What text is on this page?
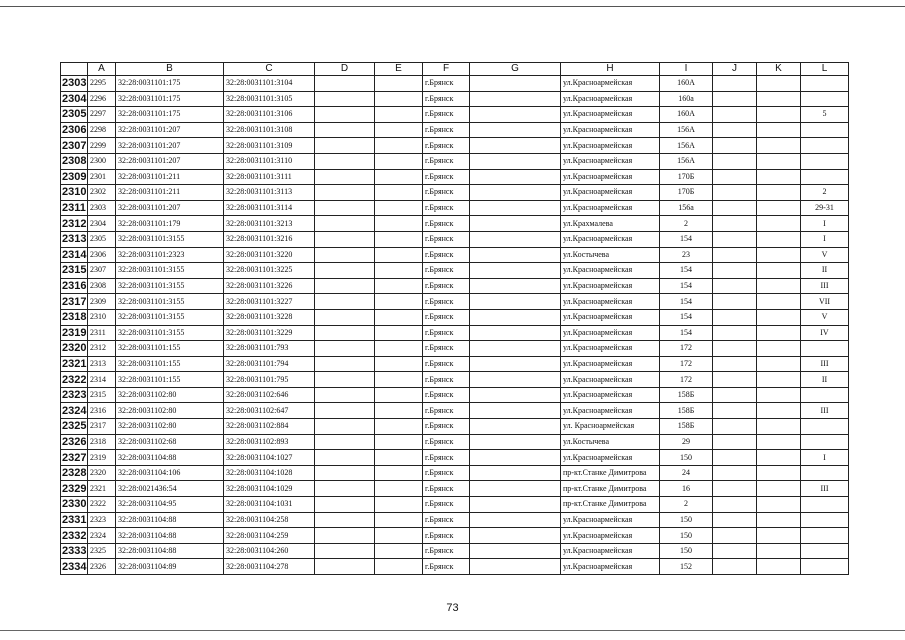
	A	B	C	D	E	F	G	H	I	J	K	L
2303	2295	32:28:0031101:175	32:28:0031101:3104			г.Брянск		ул.Красноармейская	160А			
2304	2296	32:28:0031101:175	32:28:0031101:3105			г.Брянск		ул.Красноармейская	160а			
2305	2297	32:28:0031101:175	32:28:0031101:3106			г.Брянск		ул.Красноармейская	160А			5
2306	2298	32:28:0031101:207	32:28:0031101:3108			г.Брянск		ул.Красноармейская	156А			
2307	2299	32:28:0031101:207	32:28:0031101:3109			г.Брянск		ул.Красноармейская	156А			
2308	2300	32:28:0031101:207	32:28:0031101:3110			г.Брянск		ул.Красноармейская	156А			
2309	2301	32:28:0031101:211	32:28:0031101:3111			г.Брянск		ул.Красноармейская	170Б			
2310	2302	32:28:0031101:211	32:28:0031101:3113			г.Брянск		ул.Красноармейская	170Б			2
2311	2303	32:28:0031101:207	32:28:0031101:3114			г.Брянск		ул.Красноармейская	156а			29-31
2312	2304	32:28:0031101:179	32:28:0031101:3213			г.Брянск		ул.Крахмалева	2			I
2313	2305	32:28:0031101:3155	32:28:0031101:3216			г.Брянск		ул.Красноармейская	154			I
2314	2306	32:28:0031101:2323	32:28:0031101:3220			г.Брянск		ул.Костычева	23			V
2315	2307	32:28:0031101:3155	32:28:0031101:3225			г.Брянск		ул.Красноармейская	154			II
2316	2308	32:28:0031101:3155	32:28:0031101:3226			г.Брянск		ул.Красноармейская	154			III
2317	2309	32:28:0031101:3155	32:28:0031101:3227			г.Брянск		ул.Красноармейская	154			VII
2318	2310	32:28:0031101:3155	32:28:0031101:3228			г.Брянск		ул.Красноармейская	154			V
2319	2311	32:28:0031101:3155	32:28:0031101:3229			г.Брянск		ул.Красноармейская	154			IV
2320	2312	32:28:0031101:155	32:28:0031101:793			г.Брянск		ул.Красноармейская	172			
2321	2313	32:28:0031101:155	32:28:0031101:794			г.Брянск		ул.Красноармейская	172			III
2322	2314	32:28:0031101:155	32:28:0031101:795			г.Брянск		ул.Красноармейская	172			II
2323	2315	32:28:0031102:80	32:28:0031102:646			г.Брянск		ул.Красноармейская	158Б			
2324	2316	32:28:0031102:80	32:28:0031102:647			г.Брянск		ул.Красноармейская	158Б			III
2325	2317	32:28:0031102:80	32:28:0031102:884			г.Брянск		ул. Красноармейская	158Б			
2326	2318	32:28:0031102:68	32:28:0031102:893			г.Брянск		ул.Костычева	29			
2327	2319	32:28:0031104:88	32:28:0031104:1027			г.Брянск		ул.Красноармейская	150			I
2328	2320	32:28:0031104:106	32:28:0031104:1028			г.Брянск		пр-кт.Станке Димитрова	24			
2329	2321	32:28:0021436:54	32:28:0031104:1029			г.Брянск		пр-кт.Станке Димитрова	16			III
2330	2322	32:28:0031104:95	32:28:0031104:1031			г.Брянск		пр-кт.Станке Димитрова	2			
2331	2323	32:28:0031104:88	32:28:0031104:258			г.Брянск		ул.Красноармейская	150			
2332	2324	32:28:0031104:88	32:28:0031104:259			г.Брянск		ул.Красноармейская	150			
2333	2325	32:28:0031104:88	32:28:0031104:260			г.Брянск		ул.Красноармейская	150			
2334	2326	32:28:0031104:89	32:28:0031104:278			г.Брянск		ул.Красноармейская	152			
73
